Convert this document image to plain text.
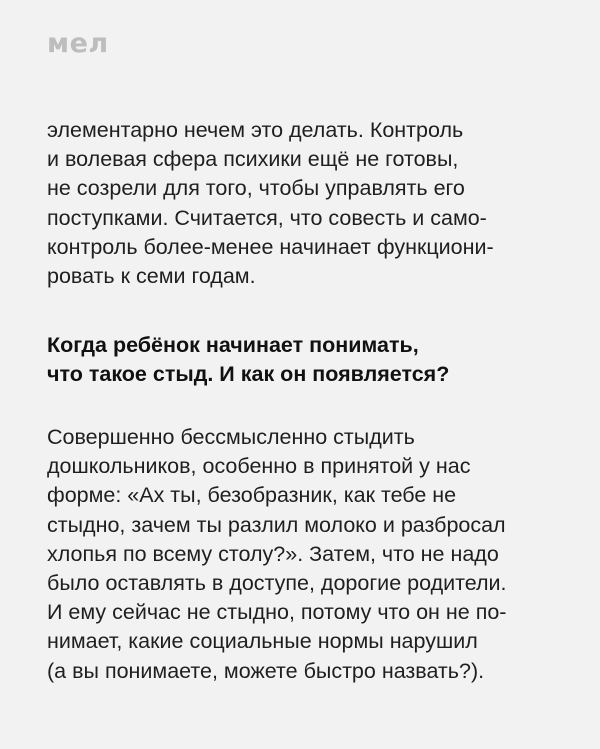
мел
элементарно нечем это делать. Контроль
и волевая сфера психики ещё не готовы,
не созрели для того, чтобы управлять его
поступками. Считается, что совесть и само-
контроль более-менее начинает функциони-
ровать к семи годам.
Когда ребёнок начинает понимать,
что такое стыд. И как он появляется?
Совершенно бессмысленно стыдить
дошкольников, особенно в принятой у нас
форме: «Ах ты, безобразник, как тебе не
стыдно, зачем ты разлил молоко и разбросал
хлопья по всему столу?». Затем, что не надо
было оставлять в доступе, дорогие родители.
И ему сейчас не стыдно, потому что он не по-
нимает, какие социальные нормы нарушил
(а вы понимаете, можете быстро назвать?).
